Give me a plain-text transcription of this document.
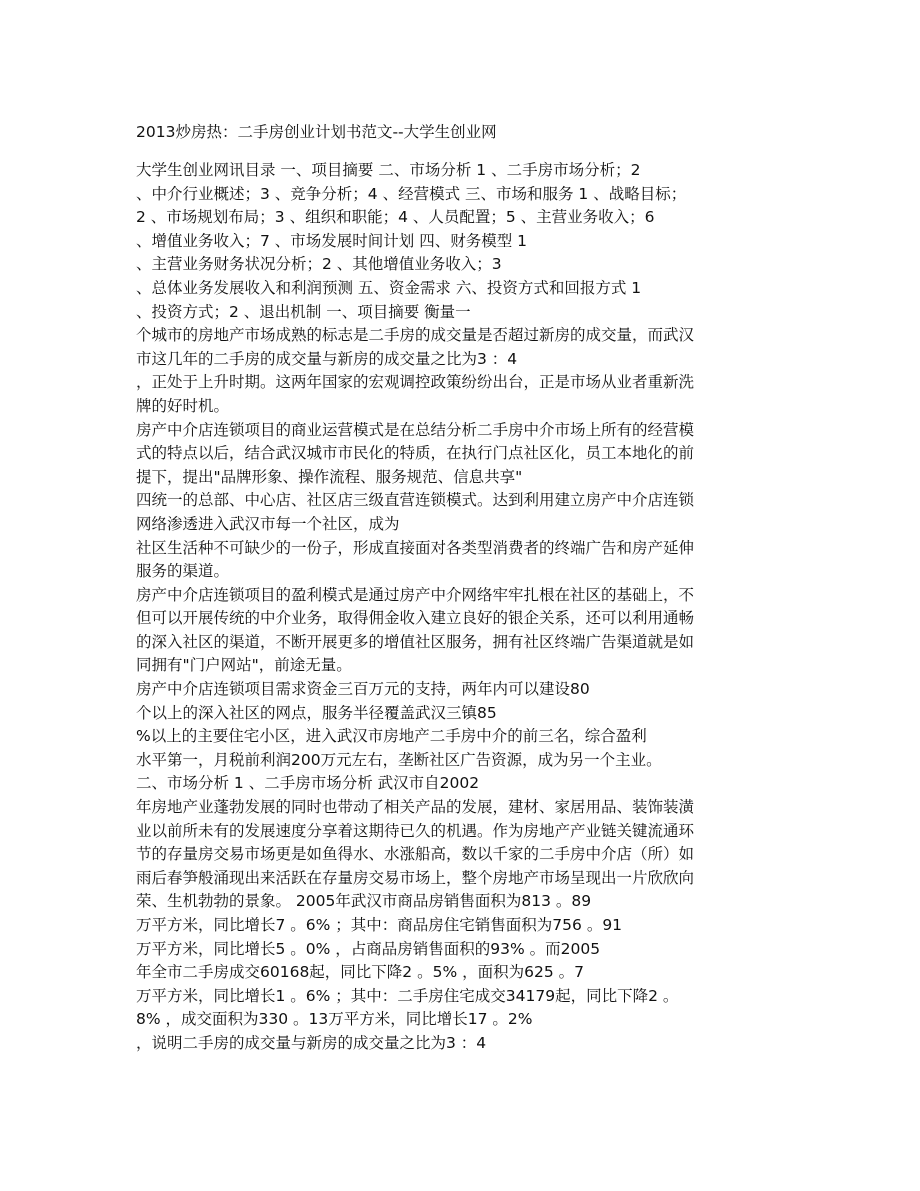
2013炒房热：二手房创业计划书范文--大学生创业网
大学生创业网讯目录 一、项目摘要 二、市场分析 1 、二手房市场分析；2
、中介行业概述；3 、竞争分析；4 、经营模式 三、市场和服务 1 、战略目标；
2 、市场规划布局；3 、组织和职能；4 、人员配置；5 、主营业务收入；6
、增值业务收入；7 、市场发展时间计划 四、财务模型 1
、主营业务财务状况分析；2 、其他增值业务收入；3
、总体业务发展收入和利润预测 五、资金需求 六、投资方式和回报方式 1
、投资方式；2 、退出机制 一、项目摘要 衡量一
个城市的房地产市场成熟的标志是二手房的成交量是否超过新房的成交量，而武汉
市这几年的二手房的成交量与新房的成交量之比为3 ：4
，正处于上升时期。这两年国家的宏观调控政策纷纷出台，正是市场从业者重新洗
牌的好时机。
房产中介店连锁项目的商业运营模式是在总结分析二手房中介市场上所有的经营模
式的特点以后，结合武汉城市市民化的特质，在执行门点社区化，员工本地化的前
提下，提出"品牌形象、操作流程、服务规范、信息共享"
四统一的总部、中心店、社区店三级直营连锁模式。达到利用建立房产中介店连锁
网络渗透进入武汉市每一个社区，成为
社区生活种不可缺少的一份子，形成直接面对各类型消费者的终端广告和房产延伸
服务的渠道。
房产中介店连锁项目的盈利模式是通过房产中介网络牢牢扎根在社区的基础上，不
但可以开展传统的中介业务，取得佣金收入建立良好的银企关系，还可以利用通畅
的深入社区的渠道，不断开展更多的增值社区服务，拥有社区终端广告渠道就是如
同拥有"门户网站"，前途无量。
房产中介店连锁项目需求资金三百万元的支持，两年内可以建设80
个以上的深入社区的网点，服务半径覆盖武汉三镇85
%以上的主要住宅小区，进入武汉市房地产二手房中介的前三名，综合盈利
水平第一，月税前利润200万元左右，垄断社区广告资源，成为另一个主业。
二、市场分析 1 、二手房市场分析 武汉市自2002
年房地产业蓬勃发展的同时也带动了相关产品的发展，建材、家居用品、装饰装潢
业以前所未有的发展速度分享着这期待已久的机遇。作为房地产产业链关键流通环
节的存量房交易市场更是如鱼得水、水涨船高，数以千家的二手房中介店（所）如
雨后春笋般涌现出来活跃在存量房交易市场上，整个房地产市场呈现出一片欣欣向
荣、生机勃勃的景象。 2005年武汉市商品房销售面积为813 。89
万平方米，同比增长7 。6% ；其中：商品房住宅销售面积为756 。91
万平方米，同比增长5 。0% ，占商品房销售面积的93% 。而2005
年全市二手房成交60168起，同比下降2 。5% ，面积为625 。7
万平方米，同比增长1 。6% ；其中：二手房住宅成交34179起，同比下降2 。
8% ，成交面积为330 。13万平方米，同比增长17 。2%
，说明二手房的成交量与新房的成交量之比为3 ：4
